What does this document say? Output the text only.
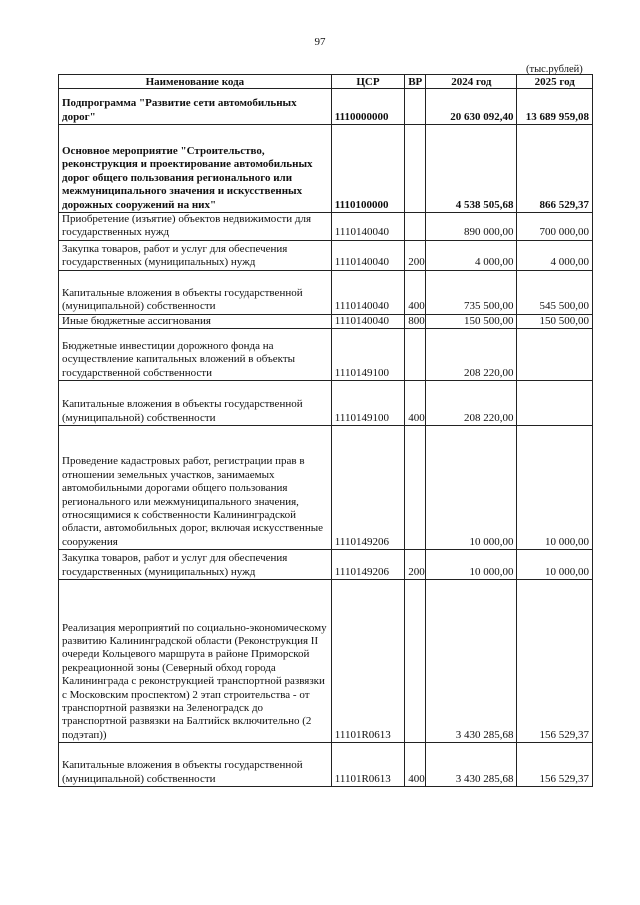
97
(тыс.рублей)
Наименование кода	ЦСР	ВР	2024 год	2025 год
Подпрограмма "Развитие сети автомобильных дорог"	1110000000		20 630 092,40	13 689 959,08
Основное мероприятие "Строительство, реконструкция и проектирование автомобильных дорог общего пользования регионального или межмуниципального значения и искусственных дорожных сооружений на них"	1110100000		4 538 505,68	866 529,37
Приобретение (изъятие) объектов недвижимости для государственных нужд	1110140040		890 000,00	700 000,00
Закупка товаров, работ и услуг для обеспечения государственных (муниципальных) нужд	1110140040	200	4 000,00	4 000,00
Капитальные вложения в объекты государственной (муниципальной) собственности	1110140040	400	735 500,00	545 500,00
Иные бюджетные ассигнования	1110140040	800	150 500,00	150 500,00
Бюджетные инвестиции дорожного фонда на осуществление капитальных вложений в объекты государственной собственности	1110149100		208 220,00	
Капитальные вложения в объекты государственной (муниципальной) собственности	1110149100	400	208 220,00	
Проведение кадастровых работ, регистрации прав в отношении земельных участков, занимаемых автомобильными дорогами общего пользования регионального или межмуниципального значения, относящимися к собственности Калининградской области, автомобильных дорог, включая искусственные сооружения	1110149206		10 000,00	10 000,00
Закупка товаров, работ и услуг для обеспечения государственных (муниципальных) нужд	1110149206	200	10 000,00	10 000,00
Реализация мероприятий по социально-экономическому развитию Калининградской области (Реконструкция II очереди Кольцевого маршрута в районе Приморской рекреационной зоны (Северный обход города Калининграда с реконструкцией транспортной развязки с Московским проспектом) 2 этап строительства - от транспортной развязки на Зеленоградск до транспортной развязки на Балтийск включительно (2 подэтап))	11101R0613		3 430 285,68	156 529,37
Капитальные вложения в объекты государственной (муниципальной) собственности	11101R0613	400	3 430 285,68	156 529,37
